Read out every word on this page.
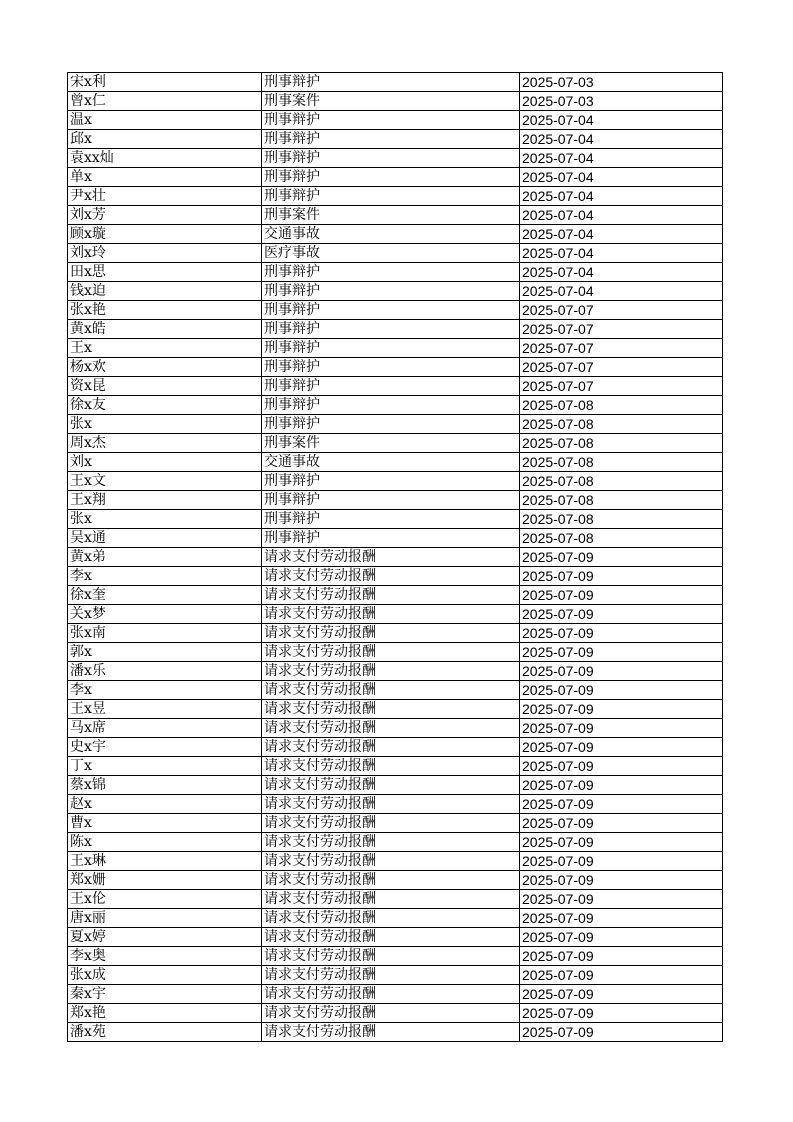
宋x利	刑事辩护	2025-07-03
曾x仁	刑事案件	2025-07-03
温x	刑事辩护	2025-07-04
邱x	刑事辩护	2025-07-04
袁xx灿	刑事辩护	2025-07-04
单x	刑事辩护	2025-07-04
尹x壮	刑事辩护	2025-07-04
刘x芳	刑事案件	2025-07-04
顾x璇	交通事故	2025-07-04
刘x玲	医疗事故	2025-07-04
田x思	刑事辩护	2025-07-04
钱x迫	刑事辩护	2025-07-04
张x艳	刑事辩护	2025-07-07
黄x皓	刑事辩护	2025-07-07
王x	刑事辩护	2025-07-07
杨x欢	刑事辩护	2025-07-07
资x昆	刑事辩护	2025-07-07
徐x友	刑事辩护	2025-07-08
张x	刑事辩护	2025-07-08
周x杰	刑事案件	2025-07-08
刘x	交通事故	2025-07-08
王x文	刑事辩护	2025-07-08
王x翔	刑事辩护	2025-07-08
张x	刑事辩护	2025-07-08
吴x通	刑事辩护	2025-07-08
黄x弟	请求支付劳动报酬	2025-07-09
李x	请求支付劳动报酬	2025-07-09
徐x奎	请求支付劳动报酬	2025-07-09
关x梦	请求支付劳动报酬	2025-07-09
张x南	请求支付劳动报酬	2025-07-09
郭x	请求支付劳动报酬	2025-07-09
潘x乐	请求支付劳动报酬	2025-07-09
李x	请求支付劳动报酬	2025-07-09
王x昱	请求支付劳动报酬	2025-07-09
马x席	请求支付劳动报酬	2025-07-09
史x宇	请求支付劳动报酬	2025-07-09
丁x	请求支付劳动报酬	2025-07-09
蔡x锦	请求支付劳动报酬	2025-07-09
赵x	请求支付劳动报酬	2025-07-09
曹x	请求支付劳动报酬	2025-07-09
陈x	请求支付劳动报酬	2025-07-09
王x琳	请求支付劳动报酬	2025-07-09
郑x姗	请求支付劳动报酬	2025-07-09
王x伦	请求支付劳动报酬	2025-07-09
唐x丽	请求支付劳动报酬	2025-07-09
夏x婷	请求支付劳动报酬	2025-07-09
李x奥	请求支付劳动报酬	2025-07-09
张x成	请求支付劳动报酬	2025-07-09
秦x宇	请求支付劳动报酬	2025-07-09
郑x艳	请求支付劳动报酬	2025-07-09
潘x苑	请求支付劳动报酬	2025-07-09
